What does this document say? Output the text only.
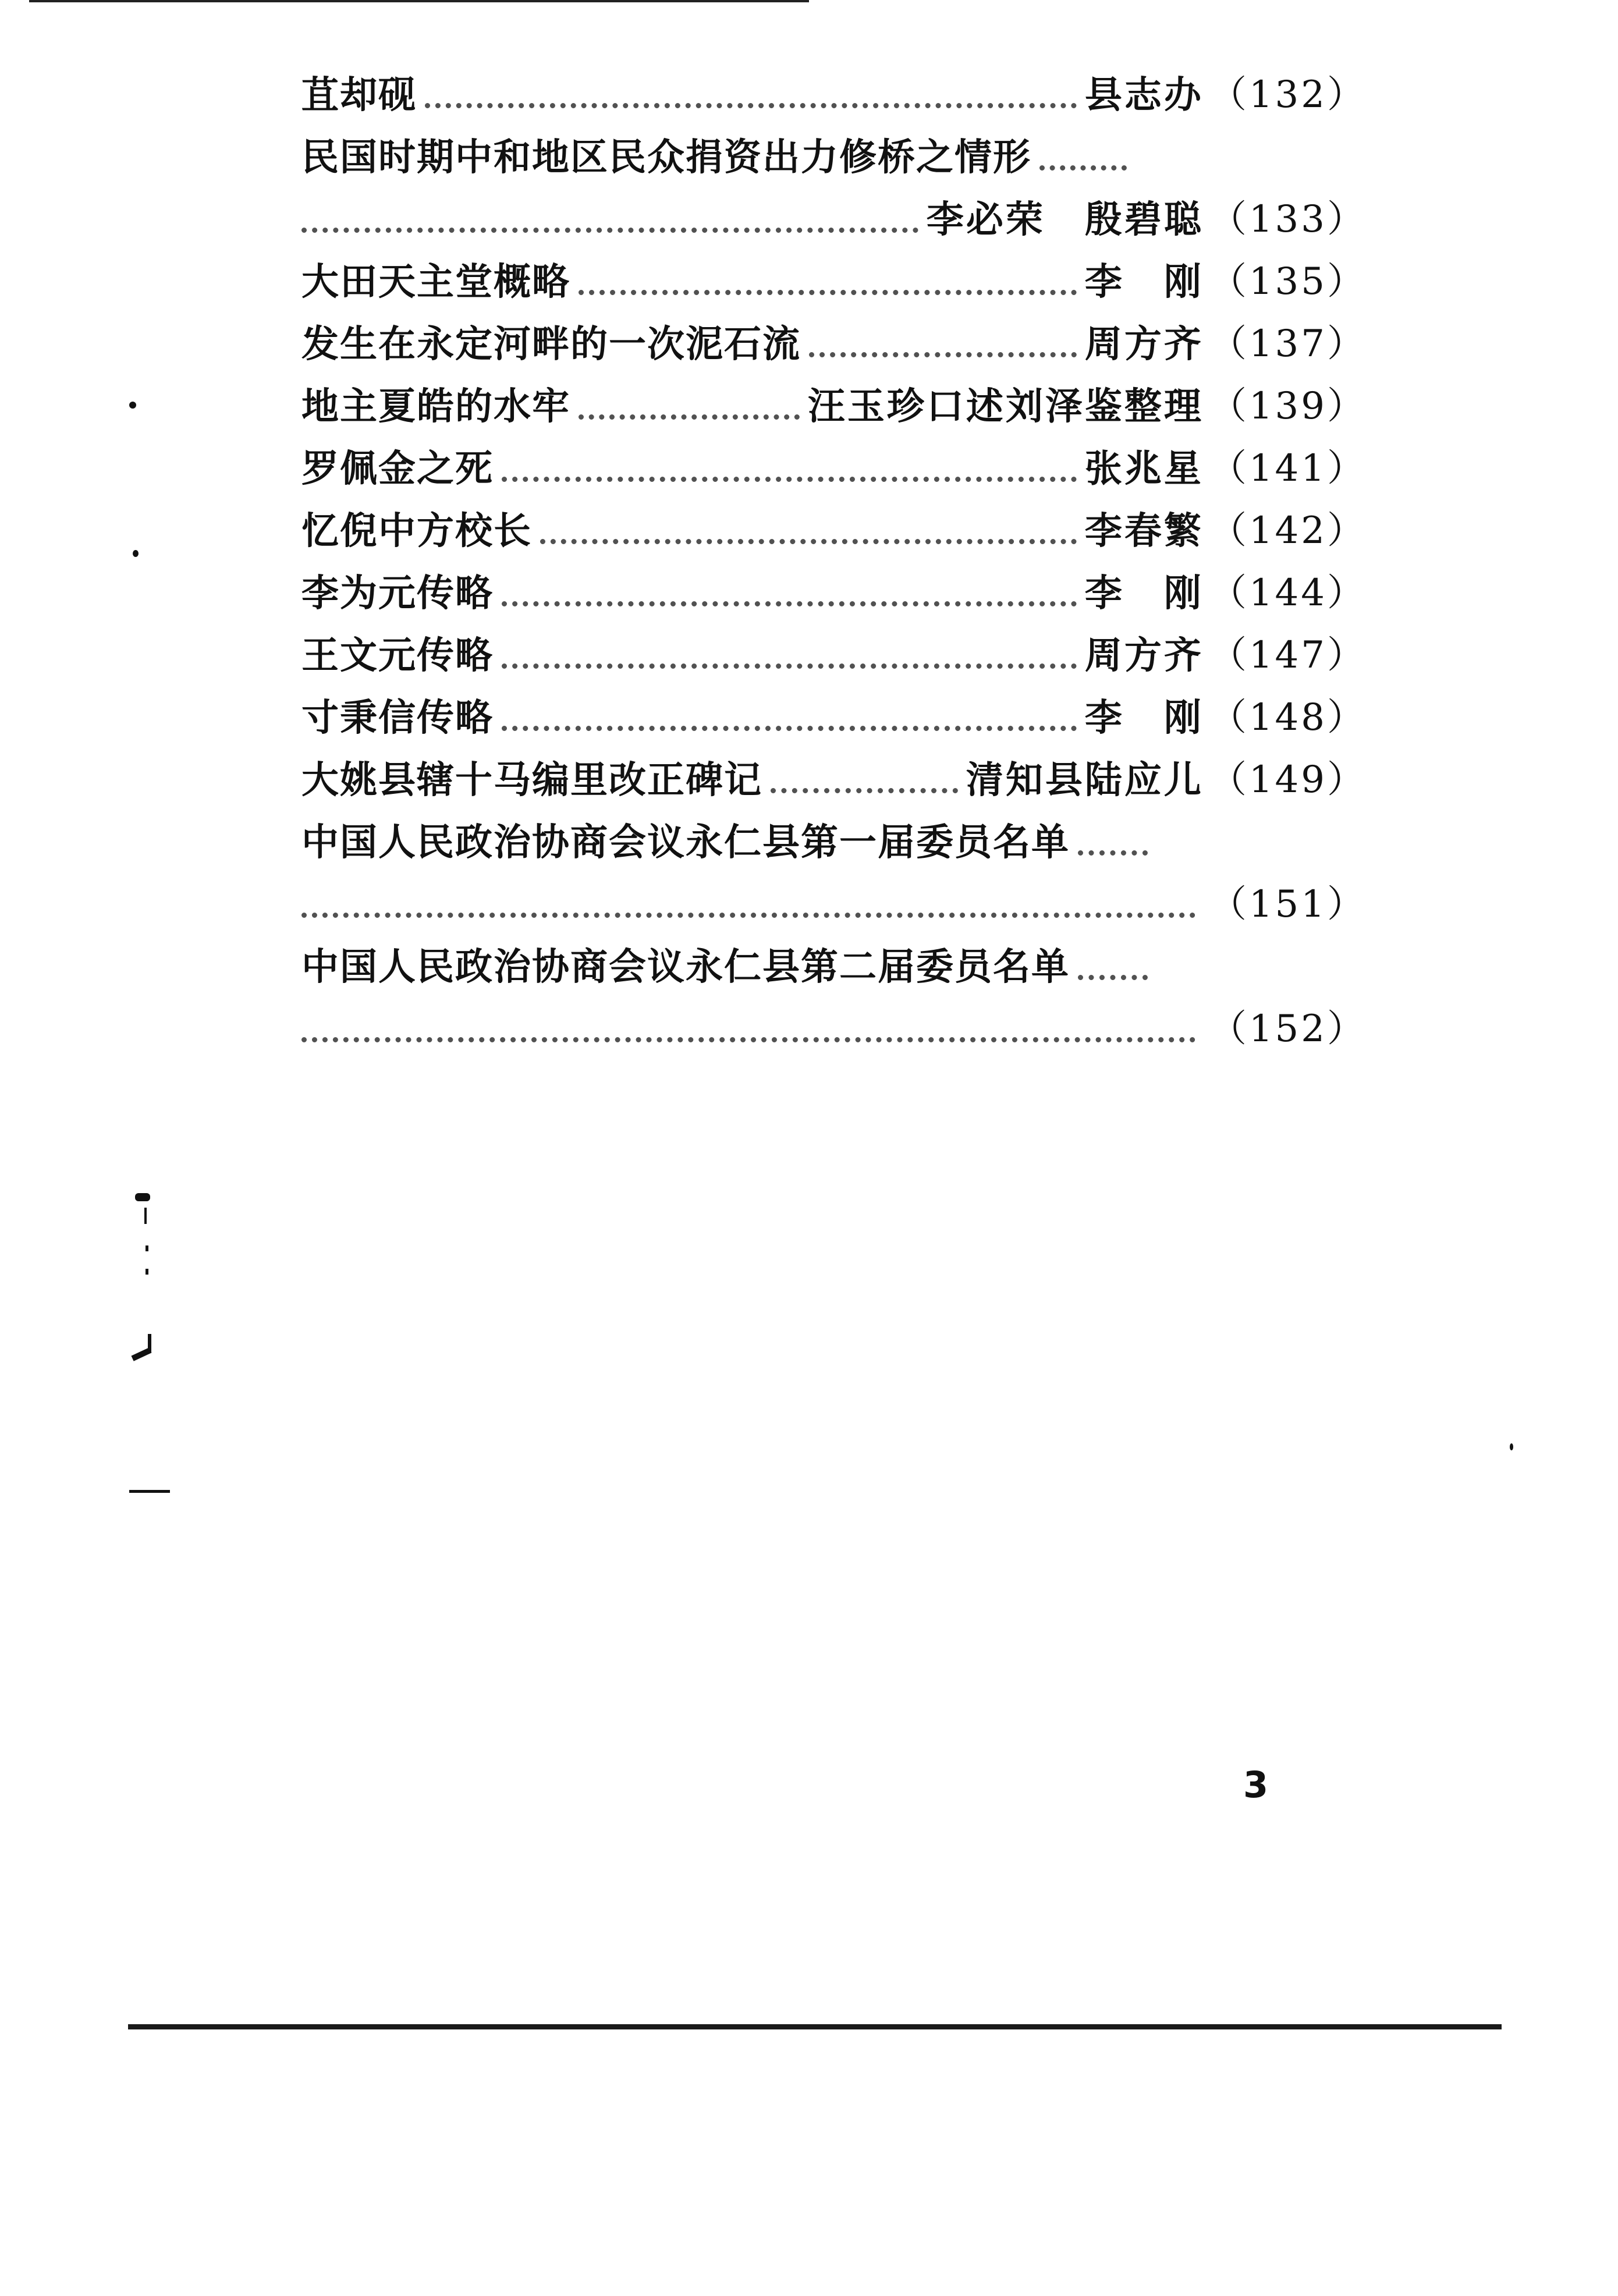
苴却砚	县志办 （132）
民国时期中和地区民众捐资出力修桥之情形
李必荣　殷碧聪 （133）
大田天主堂概略	李　刚 （135）
发生在永定河畔的一次泥石流	周方齐 （137）
地主夏皓的水牢	汪玉珍口述刘泽鉴整理 （139）
罗佩金之死	张兆星 （141）
忆倪中方校长	李春繁 （142）
李为元传略	李　刚 （144）
王文元传略	周方齐 （147）
寸秉信传略	李　刚 （148）
大姚县辖十马编里改正碑记	清知县陆应儿 （149）
中国人民政治协商会议永仁县第一届委员名单
（151）
中国人民政治协商会议永仁县第二届委员名单
（152）
3
